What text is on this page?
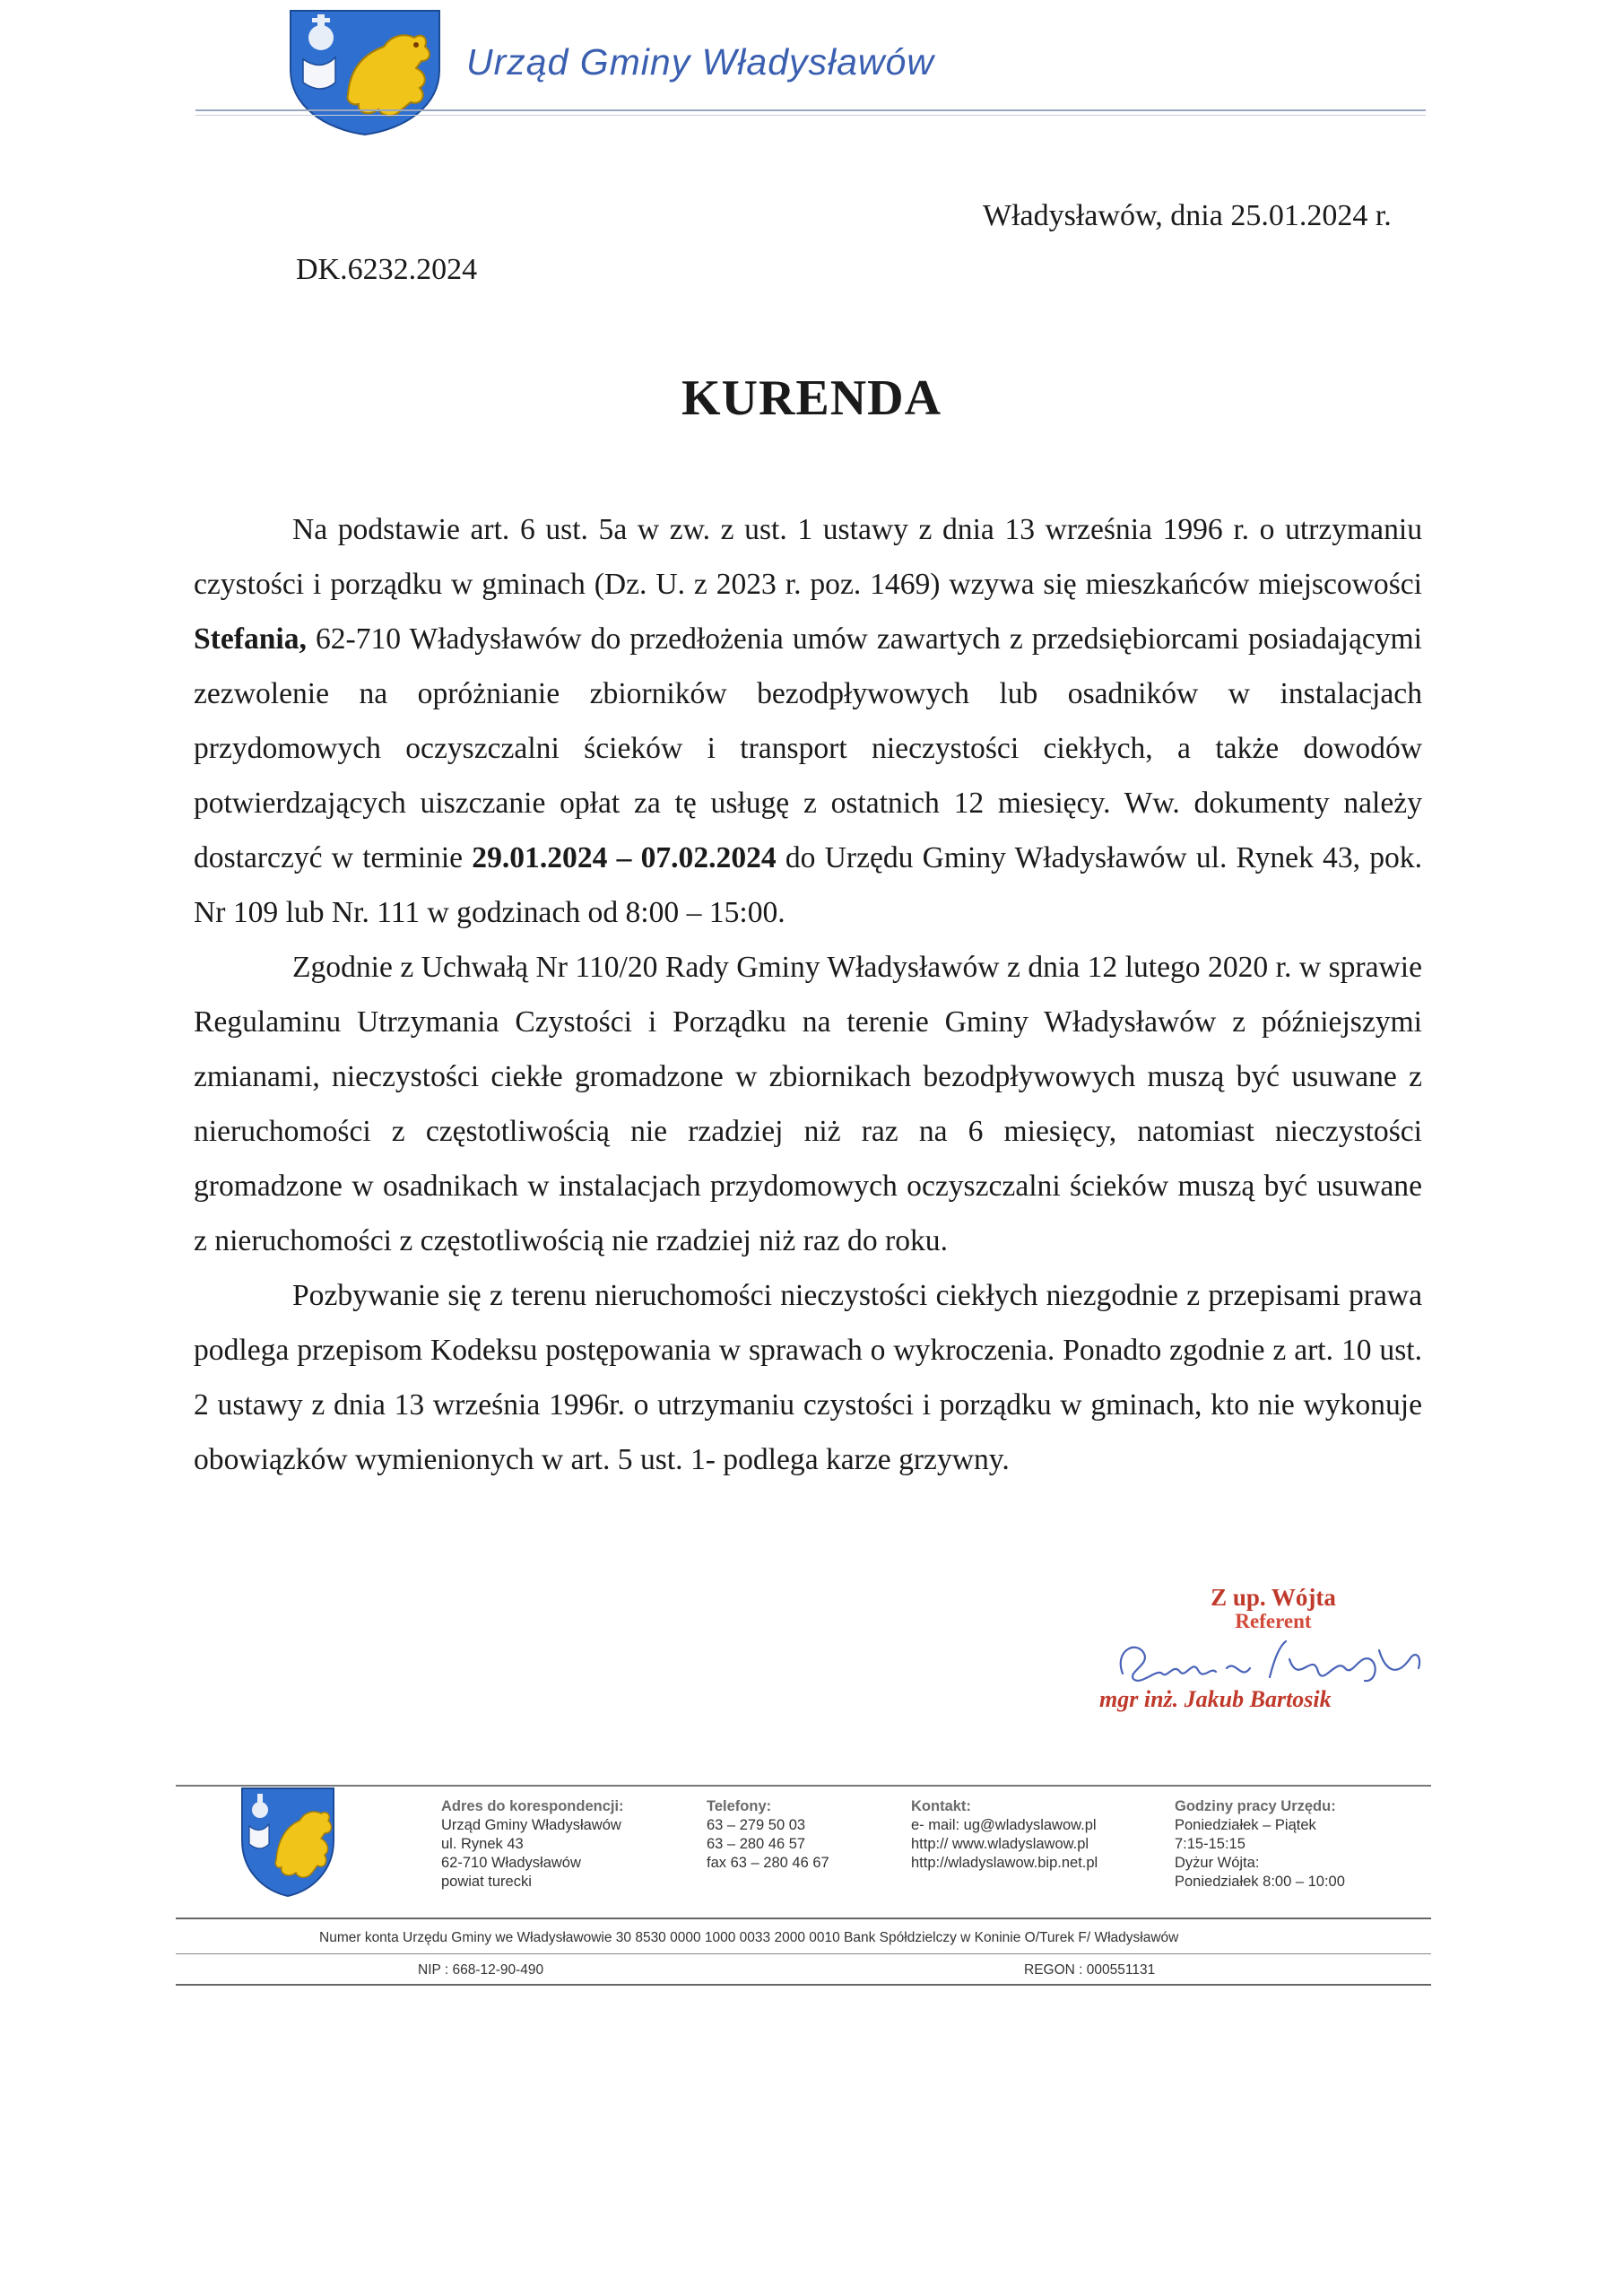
Urząd Gminy Władysławów
Władysławów, dnia 25.01.2024 r.
DK.6232.2024
KURENDA

Na podstawie art. 6 ust. 5a w zw. z ust. 1 ustawy z dnia 13 września 1996 r. o utrzymaniu czystości i porządku w gminach (Dz. U. z 2023 r. poz. 1469) wzywa się mieszkańców miejscowości Stefania, 62-710 Władysławów do przedłożenia umów zawartych z przedsiębiorcami posiadającymi zezwolenie na opróżnianie zbiorników bezodpływowych lub osadników w instalacjach przydomowych oczyszczalni ścieków i transport nieczystości ciekłych, a także dowodów potwierdzających uiszczanie opłat za tę usługę z ostatnich 12 miesięcy. Ww. dokumenty należy dostarczyć w terminie 29.01.2024 – 07.02.2024 do Urzędu Gminy Władysławów ul. Rynek 43, pok. Nr 109 lub Nr. 111 w godzinach od 8:00 – 15:00.

Zgodnie z Uchwałą Nr 110/20 Rady Gminy Władysławów z dnia 12 lutego 2020 r. w sprawie Regulaminu Utrzymania Czystości i Porządku na terenie Gminy Władysławów z późniejszymi zmianami, nieczystości ciekłe gromadzone w zbiornikach bezodpływowych muszą być usuwane z nieruchomości z częstotliwością nie rzadziej niż raz na 6 miesięcy, natomiast nieczystości gromadzone w osadnikach w instalacjach przydomowych oczyszczalni ścieków muszą być usuwane z nieruchomości z częstotliwością nie rzadziej niż raz do roku.

Pozbywanie się z terenu nieruchomości nieczystości ciekłych niezgodnie z przepisami prawa podlega przepisom Kodeksu postępowania w sprawach o wykroczenia. Ponadto zgodnie z art. 10 ust. 2 ustawy z dnia 13 września 1996r. o utrzymaniu czystości i porządku w gminach, kto nie wykonuje obowiązków wymienionych w art. 5 ust. 1- podlega karze grzywny.

Z up. Wójta
Referent
mgr inż. Jakub Bartosik
Adres do korespondencji:
Urząd Gminy Władysławów
ul. Rynek 43
62-710 Władysławów
powiat turecki
Telefony:
63 – 279 50 03
63 – 280 46 57
fax 63 – 280 46 67
Kontakt:
e- mail: ug@wladyslawow.pl
http:// www.wladyslawow.pl
http://wladyslawow.bip.net.pl
Godziny pracy Urzędu:
Poniedziałek – Piątek
7:15-15:15
Dyżur Wójta:
Poniedziałek 8:00 – 10:00
Numer konta Urzędu Gminy we Władysławowie 30 8530 0000 1000 0033 2000 0010 Bank Spółdzielczy w Koninie O/Turek F/ Władysławów
NIP : 668-12-90-490	REGON : 000551131
